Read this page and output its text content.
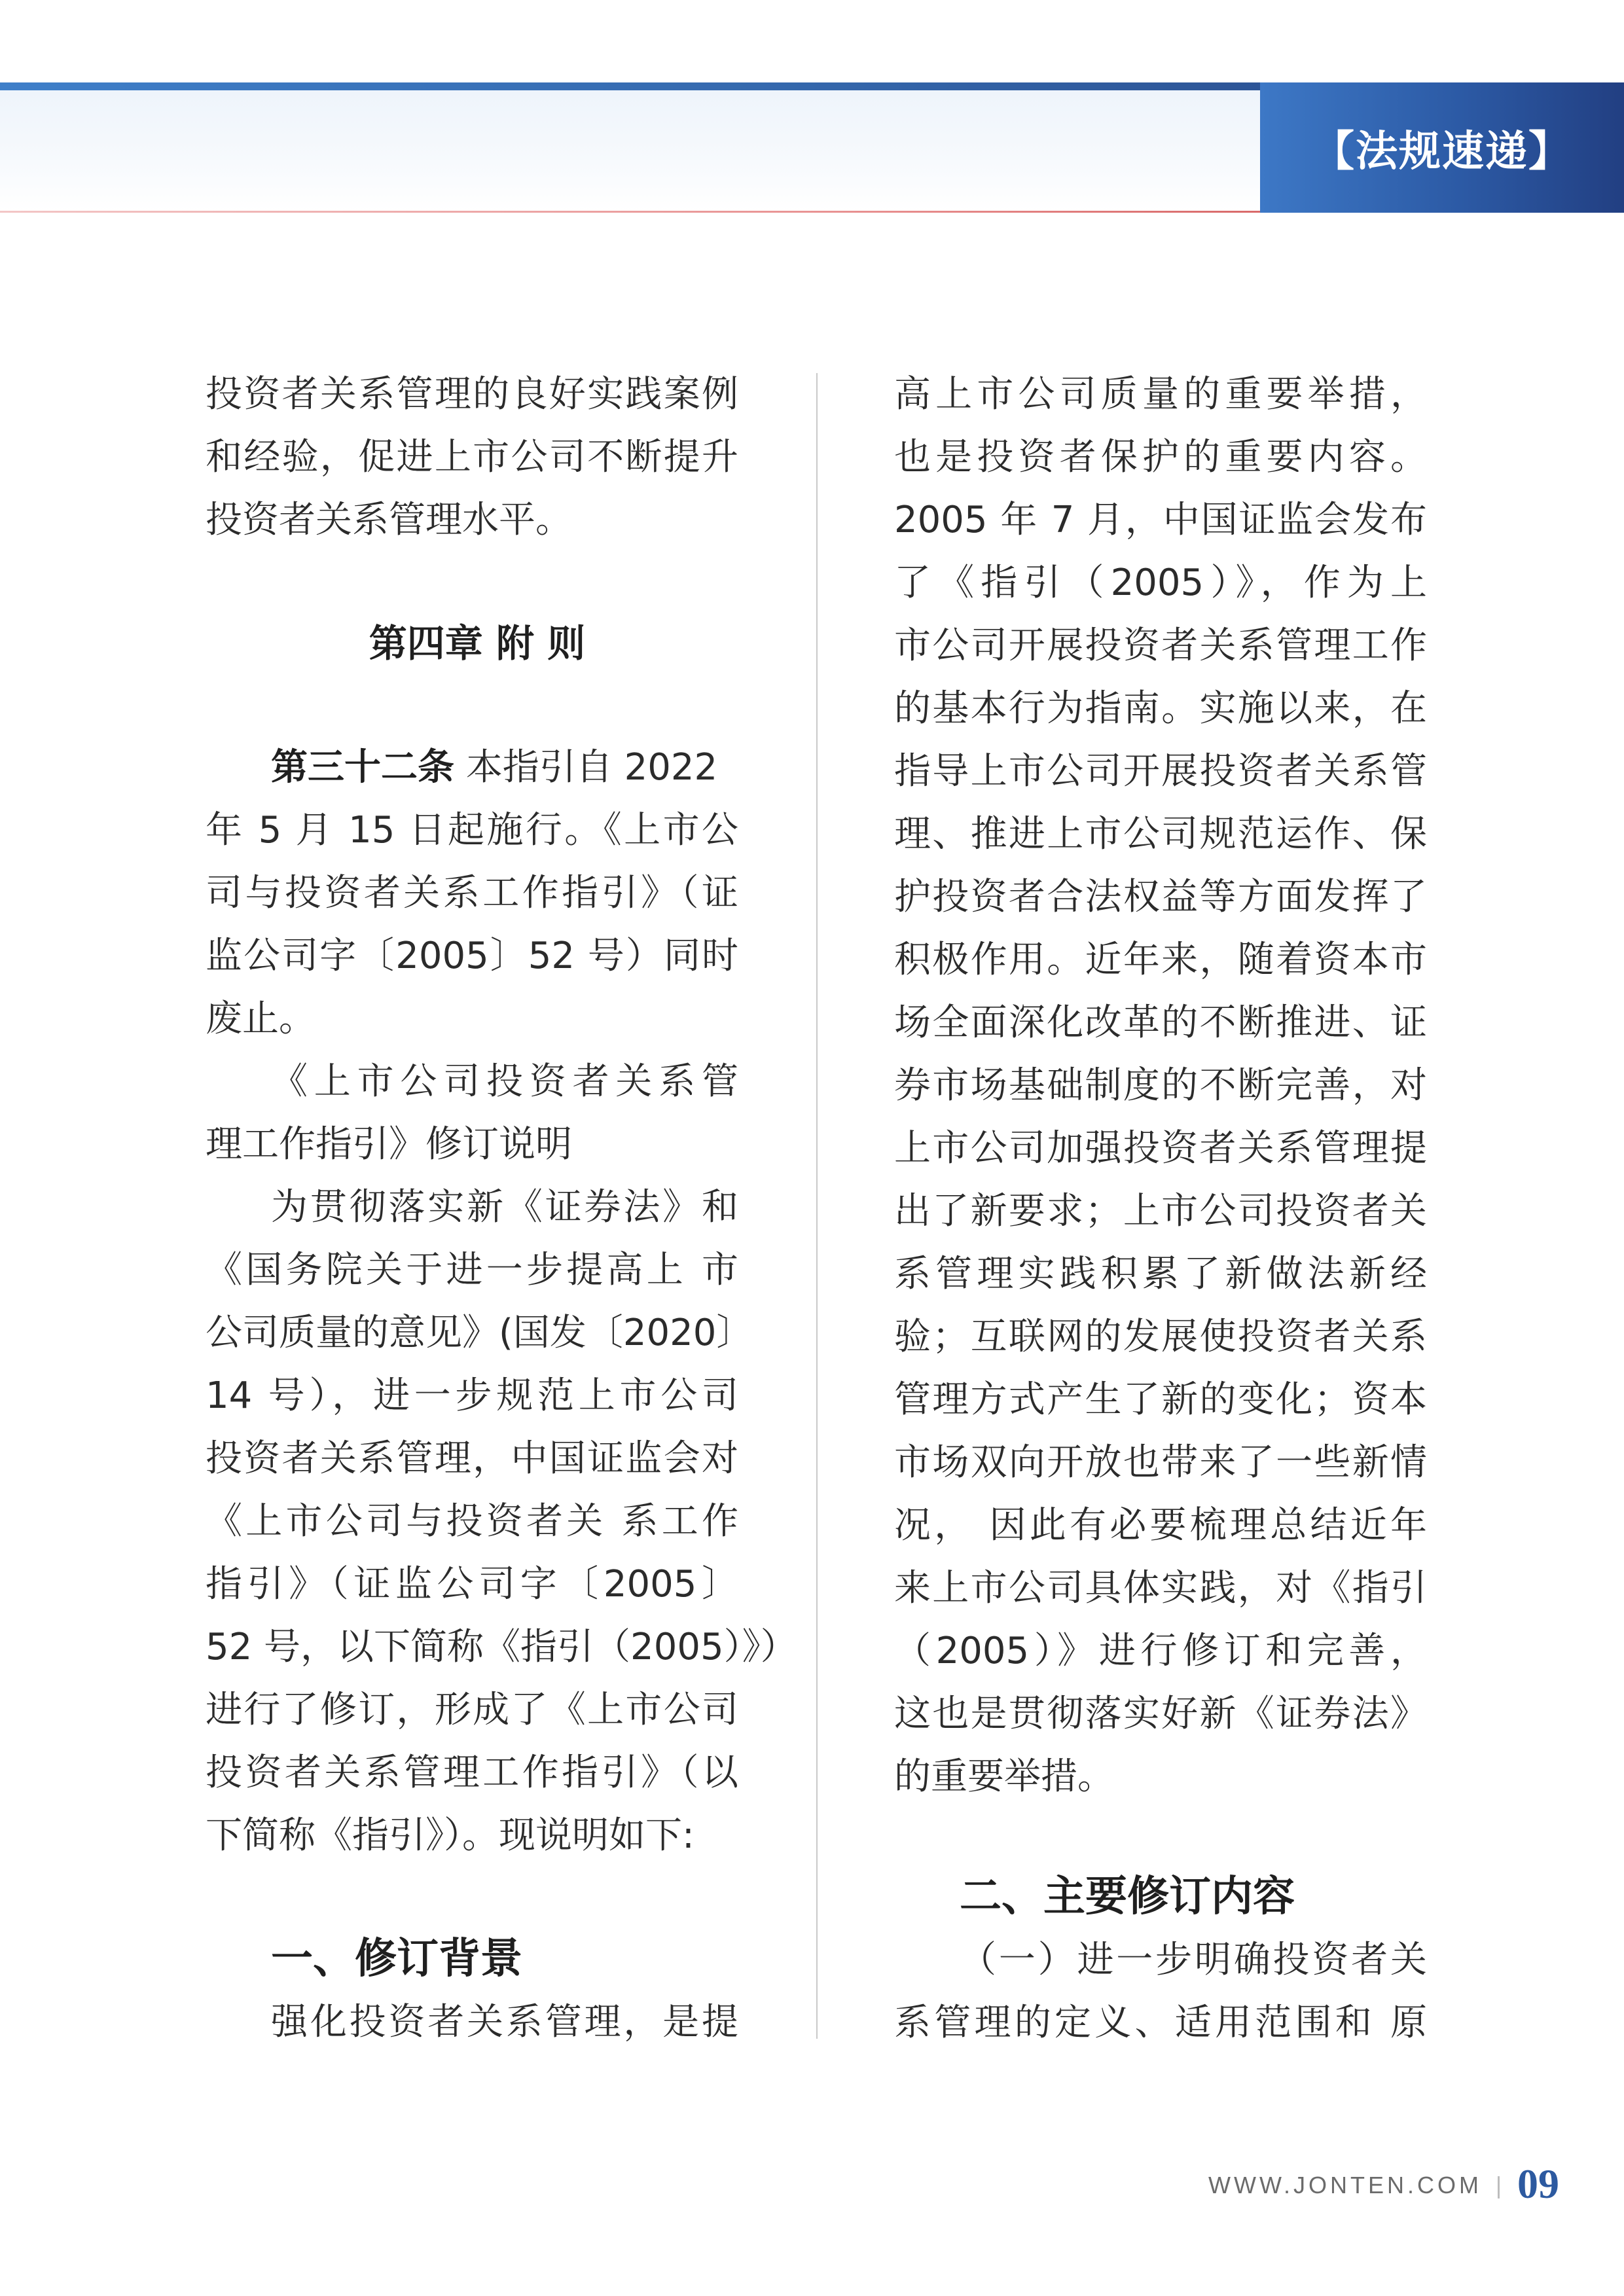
【法规速递】
投资者关系管理的良好实践案例
和经验，促进上市公司不断提升
投资者关系管理水平。
第四章 附 则
第三十二条 本指引自 2022
年 5 月 15 日起施行。《上市公
司与投资者关系工作指引》（证
监公司字〔2005〕52 号）同时
废止。
《上市公司投资者关系管
理工作指引》修订说明
为贯彻落实新《证券法》和
《国务院关于进一步提高上 市
公司质量的意见》(国发〔2020〕
14 号），进一步规范上市公司
投资者关系管理，中国证监会对
《上市公司与投资者关 系工作
指引》（证监公司字〔2005〕
52 号，以下简称《指引（2005）》）
进行了修订，形成了《上市公司
投资者关系管理工作指引》（以
下简称《指引》）。现说明如下:
一、修订背景
强化投资者关系管理，是提
高上市公司质量的重要举措，
也是投资者保护的重要内容。
2005 年 7 月，中国证监会发布
了《指引（2005）》，作为上
市公司开展投资者关系管理工作
的基本行为指南。实施以来，在
指导上市公司开展投资者关系管
理、推进上市公司规范运作、保
护投资者合法权益等方面发挥了
积极作用。近年来，随着资本市
场全面深化改革的不断推进、证
券市场基础制度的不断完善，对
上市公司加强投资者关系管理提
出了新要求；上市公司投资者关
系管理实践积累了新做法新经
验；互联网的发展使投资者关系
管理方式产生了新的变化；资本
市场双向开放也带来了一些新情
况， 因此有必要梳理总结近年
来上市公司具体实践，对《指引
（2005）》进行修订和完善，
这也是贯彻落实好新《证券法》
的重要举措。
二、主要修订内容
（一）进一步明确投资者关
系管理的定义、适用范围和 原
WWW.JONTEN.COM 09
